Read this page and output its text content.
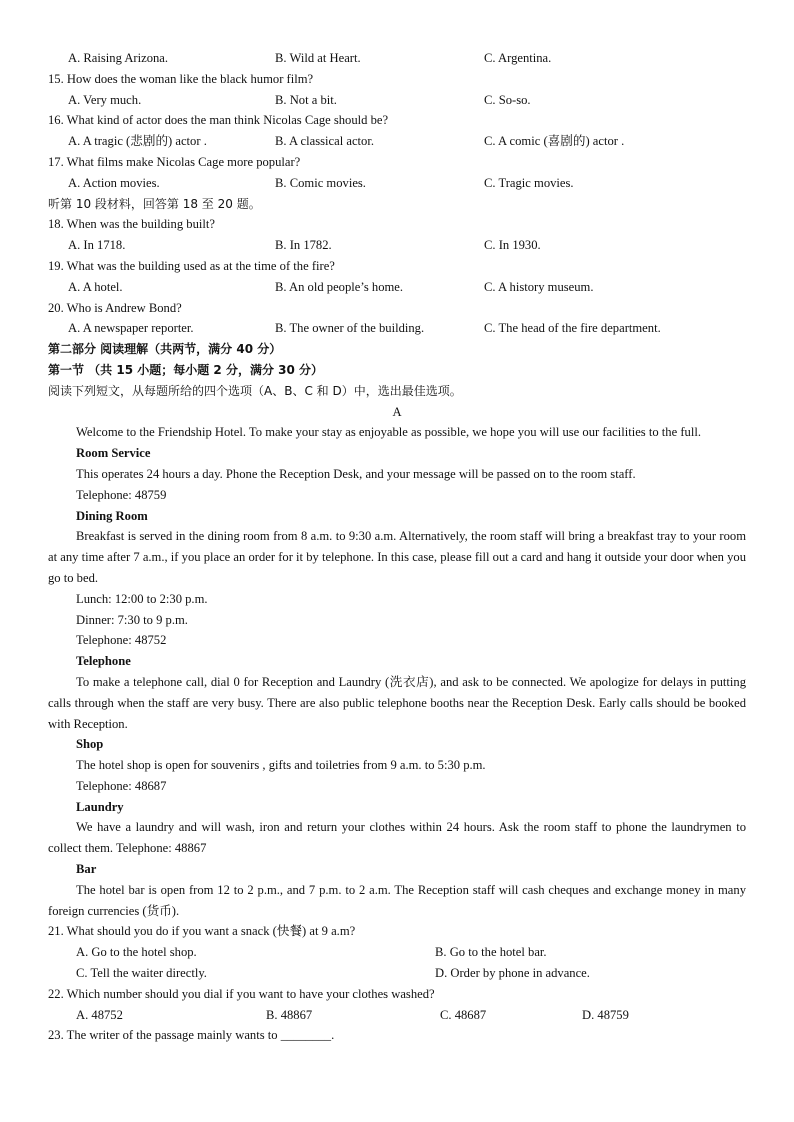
A. Raising Arizona.	B. Wild at Heart.	C. Argentina.
15. How does the woman like the black humor film?
A. Very much.	B. Not a bit.	C. So-so.
16. What kind of actor does the man think Nicolas Cage should be?
A. A tragic (悲剧的) actor .	B. A classical actor.	C. A comic (喜剧的) actor .
17. What films make Nicolas Cage more popular?
A. Action movies.	B. Comic movies.	C. Tragic movies.
听第 10 段材料，回答第 18 至 20 题。
18. When was the building built?
A. In 1718.	B. In 1782.	C. In 1930.
19. What was the building used as at the time of the fire?
A. A hotel.	B. An old people’s home.	C. A history museum.
20. Who is Andrew Bond?
A. A newspaper reporter.	B. The owner of the building.	C. The head of the fire department.
第二部分 阅读理解（共两节，满分 40 分）
第一节 （共 15 小题；每小题 2 分，满分 30 分）
阅读下列短文，从每题所给的四个选项（A、B、C 和 D）中，选出最佳选项。
A
Welcome to the Friendship Hotel. To make your stay as enjoyable as possible, we hope you will use our facilities to the full.
Room Service
This operates 24 hours a day. Phone the Reception Desk, and your message will be passed on to the room staff.
Telephone: 48759
Dining Room
Breakfast is served in the dining room from 8 a.m. to 9:30 a.m. Alternatively, the room staff will bring a breakfast tray to your room at any time after 7 a.m., if you place an order for it by telephone. In this case, please fill out a card and hang it outside your door when you go to bed.
Lunch: 12:00 to 2:30 p.m.
Dinner: 7:30 to 9 p.m.
Telephone: 48752
Telephone
To make a telephone call, dial 0 for Reception and Laundry (洗衣店), and ask to be connected. We apologize for delays in putting calls through when the staff are very busy. There are also public telephone booths near the Reception Desk. Early calls should be booked with Reception.
Shop
The hotel shop is open for souvenirs , gifts and toiletries from 9 a.m. to 5:30 p.m.
Telephone: 48687
Laundry
We have a laundry and will wash, iron and return your clothes within 24 hours. Ask the room staff to phone the laundrymen to collect them. Telephone: 48867
Bar
The hotel bar is open from 12 to 2 p.m., and 7 p.m. to 2 a.m. The Reception staff will cash cheques and exchange money in many foreign currencies (货币).
21. What should you do if you want a snack (快餐) at 9 a.m?
A. Go to the hotel shop.	B. Go to the hotel bar.
C. Tell the waiter directly.	D. Order by phone in advance.
22. Which number should you dial if you want to have your clothes washed?
A. 48752	B. 48867	C. 48687	D. 48759
23. The writer of the passage mainly wants to ________.
